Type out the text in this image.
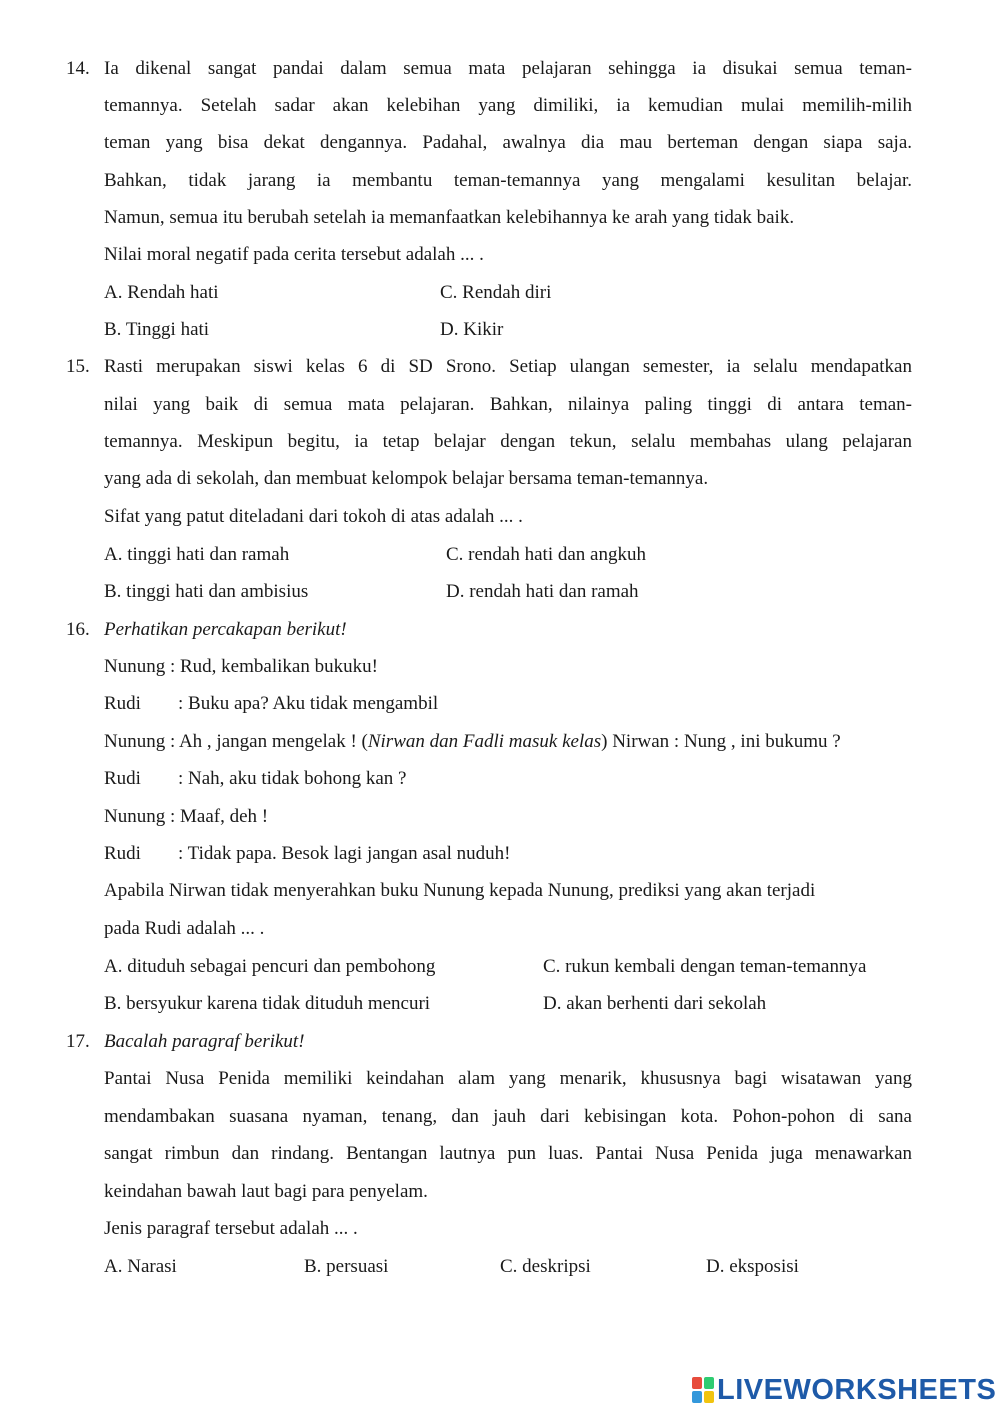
14. Ia dikenal sangat pandai dalam semua mata pelajaran sehingga ia disukai semua teman-
temannya. Setelah sadar akan kelebihan yang dimiliki, ia kemudian mulai memilih-milih
teman yang bisa dekat dengannya. Padahal, awalnya dia mau berteman dengan siapa saja.
Bahkan, tidak jarang ia membantu teman-temannya yang mengalami kesulitan belajar.
Namun, semua itu berubah setelah ia memanfaatkan kelebihannya ke arah yang tidak baik.
Nilai moral negatif pada cerita tersebut adalah ... .
A. Rendah hati	C. Rendah diri
B. Tinggi hati	D. Kikir
15. Rasti merupakan siswi kelas 6 di SD Srono. Setiap ulangan semester, ia selalu mendapatkan
nilai yang baik di semua mata pelajaran. Bahkan, nilainya paling tinggi di antara teman-
temannya. Meskipun begitu, ia tetap belajar dengan tekun, selalu membahas ulang pelajaran
yang ada di sekolah, dan membuat kelompok belajar bersama teman-temannya.
Sifat yang patut diteladani dari tokoh di atas adalah ... .
A. tinggi hati dan ramah	C. rendah hati dan angkuh
B. tinggi hati dan ambisius	D. rendah hati dan ramah
16. Perhatikan percakapan berikut!
Nunung : Rud, kembalikan bukuku!
Rudi : Buku apa? Aku tidak mengambil
Nunung : Ah , jangan mengelak ! (Nirwan dan Fadli masuk kelas) Nirwan : Nung , ini bukumu ?
Rudi : Nah, aku tidak bohong kan ?
Nunung : Maaf, deh !
Rudi : Tidak papa. Besok lagi jangan asal nuduh!
Apabila Nirwan tidak menyerahkan buku Nunung kepada Nunung, prediksi yang akan terjadi
pada Rudi adalah ... .
A. dituduh sebagai pencuri dan pembohong	C. rukun kembali dengan teman-temannya
B. bersyukur karena tidak dituduh mencuri	D. akan berhenti dari sekolah
17. Bacalah paragraf berikut!
Pantai Nusa Penida memiliki keindahan alam yang menarik, khususnya bagi wisatawan yang
mendambakan suasana nyaman, tenang, dan jauh dari kebisingan kota. Pohon-pohon di sana
sangat rimbun dan rindang. Bentangan lautnya pun luas. Pantai Nusa Penida juga menawarkan
keindahan bawah laut bagi para penyelam.
Jenis paragraf tersebut adalah ... .
A. Narasi	B. persuasi	C. deskripsi	D. eksposisi
LIVEWORKSHEETS
